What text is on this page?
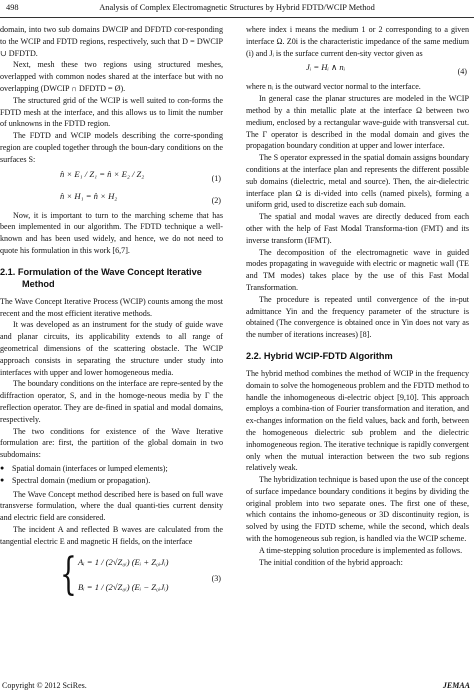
498	Analysis of Complex Electromagnetic Structures by Hybrid FDTD/WCIP Method

domain, into two sub domains DWCIP and DFDTD cor-responding to the WCIP and FDTD regions, respectively, such that D = DWCIP ∪ DFDTD.

Next, mesh these two regions using structured meshes, overlapped with common nodes shared at the interface but with no overlapping (DWCIP ∩ DFDTD = Ø).

The structured grid of the WCIP is well suited to con-forms the FDTD mesh at the interface, and this allows us to limit the number of unknowns in the FDTD region.

The FDTD and WCIP models describing the corre-sponding region are coupled together through the boun-dary conditions on the surfaces S:

n̂ × E₁ / Z₁ = n̂ × E₂ / Z₂	(1)
n̂ × H₁ = n̂ × H₂	(2)

Now, it is important to turn to the marching scheme that has been implemented in our algorithm. The FDTD technique a well-known and has been used widely, and hence, we do not need to quote his formulation in this work [6,7].

2.1. Formulation of the Wave Concept Iterative
Method

The Wave Concept Iterative Process (WCIP) counts among the most recent and the most efficient iterative methods.

It was developed as an instrument for the study of guide wave and planar circuits, its applicability extends to all range of geometrical dimensions of the scattering obstacle. The WCIP approach consists in separating the structure under study into interfaces with upper and lower homogeneous media.

The boundary conditions on the interface are repre-sented by the diffraction operator, S, and in the homoge-neous media by Γ the reflection operator. They are de-fined in spatial and modal domains, respectively.

The two conditions for existence of the Wave Iterative formulation are: first, the partition of the global domain in two subdomains:

● Spatial domain (interfaces or lumped elements);
● Spectral domain (medium or propagation).

The Wave Concept method described here is based on full wave transverse formulation, where the dual quanti-ties current density and electric field are considered.

The incident A and reflected B waves are calculated from the tangential electric E and magnetic H fields, on the interface

{ Aᵢ = 1 / (2√Z₀ᵢ) (Eᵢ + Z₀ᵢJᵢ)
Bᵢ = 1 / (2√Z₀ᵢ) (Eᵢ − Z₀ᵢJᵢ)
(3)

where index i means the medium 1 or 2 corresponding to a given interface Ω. Z0i is the characteristic impedance of the same medium (i) and Jᵢ is the surface current den-sity vector given as

Jᵢ = Hᵢ ∧ nᵢ	(4)

where nᵢ is the outward vector normal to the interface.

In general case the planar structures are modeled in the WCIP method by a thin metallic plate at the interface Ω between two medium, enclosed by a rectangular wave-guide with transversal cut. The Γ operator is described in the modal domain and gives the propagation boundary condition at upper and lower interface.

The S operator expressed in the spatial domain assigns boundary conditions at the interface plan and represents the different possible sub domains (dielectric, metal and source). Then, the air-dielectric interface plan Ω is di-vided into cells (named pixels), forming a uniform grid, used to discretize each sub domain.

The spatial and modal waves are directly deduced from each other with the help of Fast Modal Transforma-tion (FMT) and its inverse transform (IFMT).

The decomposition of the electromagnetic wave in guided modes propagating in waveguide with electric or magnetic wall (TE and TM modes) takes place by the use of this Fast Modal Transformation.

The procedure is repeated until convergence of the in-put admittance Yin and the frequency parameter of the structure is obtained (The convergence is obtained once in Yin does not vary as the number of iterations increases) [8].

2.2. Hybrid WCIP-FDTD Algorithm

The hybrid method combines the method of WCIP in the frequency domain to solve the homogeneous problem and the FDTD method to handle the inhomogeneous di-electric object [9,10]. This approach employs a combina-tion of Fourier transformation and iteration, and ex-changes information on the field values, back and forth, between the homogeneous dielectric sub problem and the dielectric inhomogeneous region. The iterative technique is rapidly convergent only when the mutual interaction between the two sub regions relatively weak.

The hybridization technique is based upon the use of the concept of surface impedance boundary conditions it begins by dividing the original problem into two separate ones. The first one of these, which contains the inhomo-geneous or 3D discontinuity region, is solved by using the FDTD scheme, while the second, which deals with the homogeneous sub region, is handled via the WCIP scheme.

A time-stepping solution procedure is implemented as follows.

The initial condition of the hybrid approach:

Copyright © 2012 SciRes.	JEMAA
